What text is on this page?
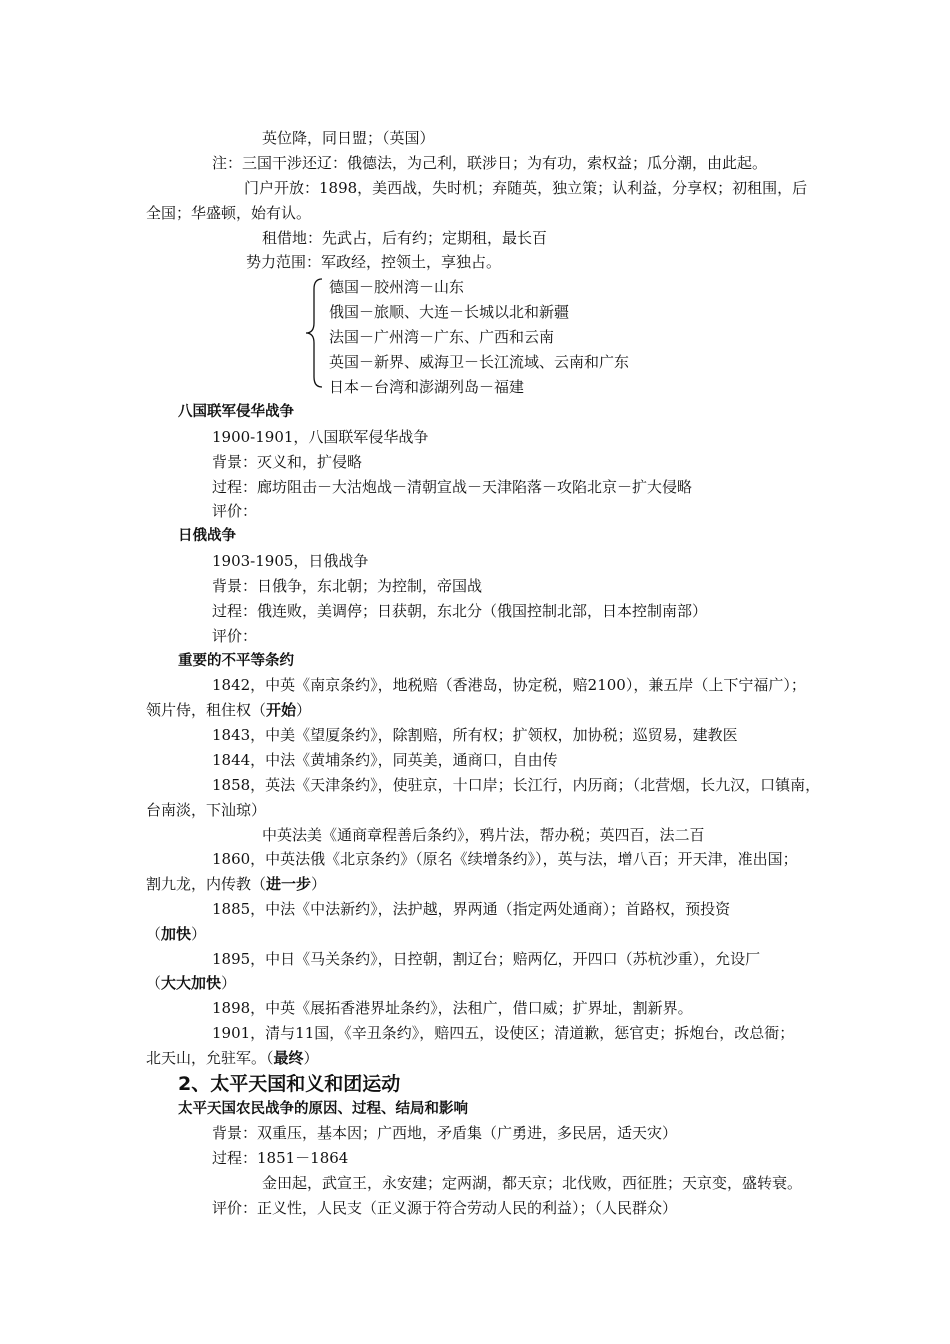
英位降，同日盟；（英国）
注：三国干涉还辽：俄德法，为己利，联涉日；为有功，索权益；瓜分潮，由此起。
门户开放：1898，美西战，失时机；弃随英，独立策；认利益，分享权；初租围，后
全国；华盛顿，始有认。
租借地：先武占，后有约；定期租，最长百
势力范围：军政经，控领土，享独占。
德国－胶州湾－山东
俄国－旅顺、大连－长城以北和新疆
法国－广州湾－广东、广西和云南
英国－新界、威海卫－长江流域、云南和广东
日本－台湾和澎湖列岛－福建
八国联军侵华战争
1900-1901，八国联军侵华战争
背景：灭义和，扩侵略
过程：廊坊阻击－大沽炮战－清朝宣战－天津陷落－攻陷北京－扩大侵略
评价：
日俄战争
1903-1905，日俄战争
背景：日俄争，东北朝；为控制，帝国战
过程：俄连败，美调停；日获朝，东北分（俄国控制北部，日本控制南部）
评价：
重要的不平等条约
1842，中英《南京条约》，地税赔（香港岛，协定税，赔2100），兼五岸（上下宁福广）；
领片侍，租住权（开始）
1843，中美《望厦条约》，除割赔，所有权；扩领权，加协税；巡贸易，建教医
1844，中法《黄埔条约》，同英美，通商口，自由传
1858，英法《天津条约》，使驻京，十口岸；长江行，内历商；（北营烟，长九汉，口镇南，
台南淡，下汕琼）
中英法美《通商章程善后条约》，鸦片法，帮办税；英四百，法二百
1860，中英法俄《北京条约》（原名《续增条约》），英与法，增八百；开天津，准出国；
割九龙，内传教（进一步）
1885，中法《中法新约》，法护越，界两通（指定两处通商）；首路权，预投资
（加快）
1895，中日《马关条约》，日控朝，割辽台；赔两亿，开四口（苏杭沙重），允设厂
（大大加快）
1898，中英《展拓香港界址条约》，法租广，借口威；扩界址，割新界。
1901，清与11国，《辛丑条约》，赔四五，设使区；清道歉，惩官吏；拆炮台，改总衙；
北天山，允驻军。（最终）
2、太平天国和义和团运动
太平天国农民战争的原因、过程、结局和影响
背景：双重压，基本因；广西地，矛盾集（广勇进，多民居，适天灾）
过程：1851－1864
金田起，武宣王，永安建；定两湖，都天京；北伐败，西征胜；天京变，盛转衰。
评价：正义性，人民支（正义源于符合劳动人民的利益）；（人民群众）
